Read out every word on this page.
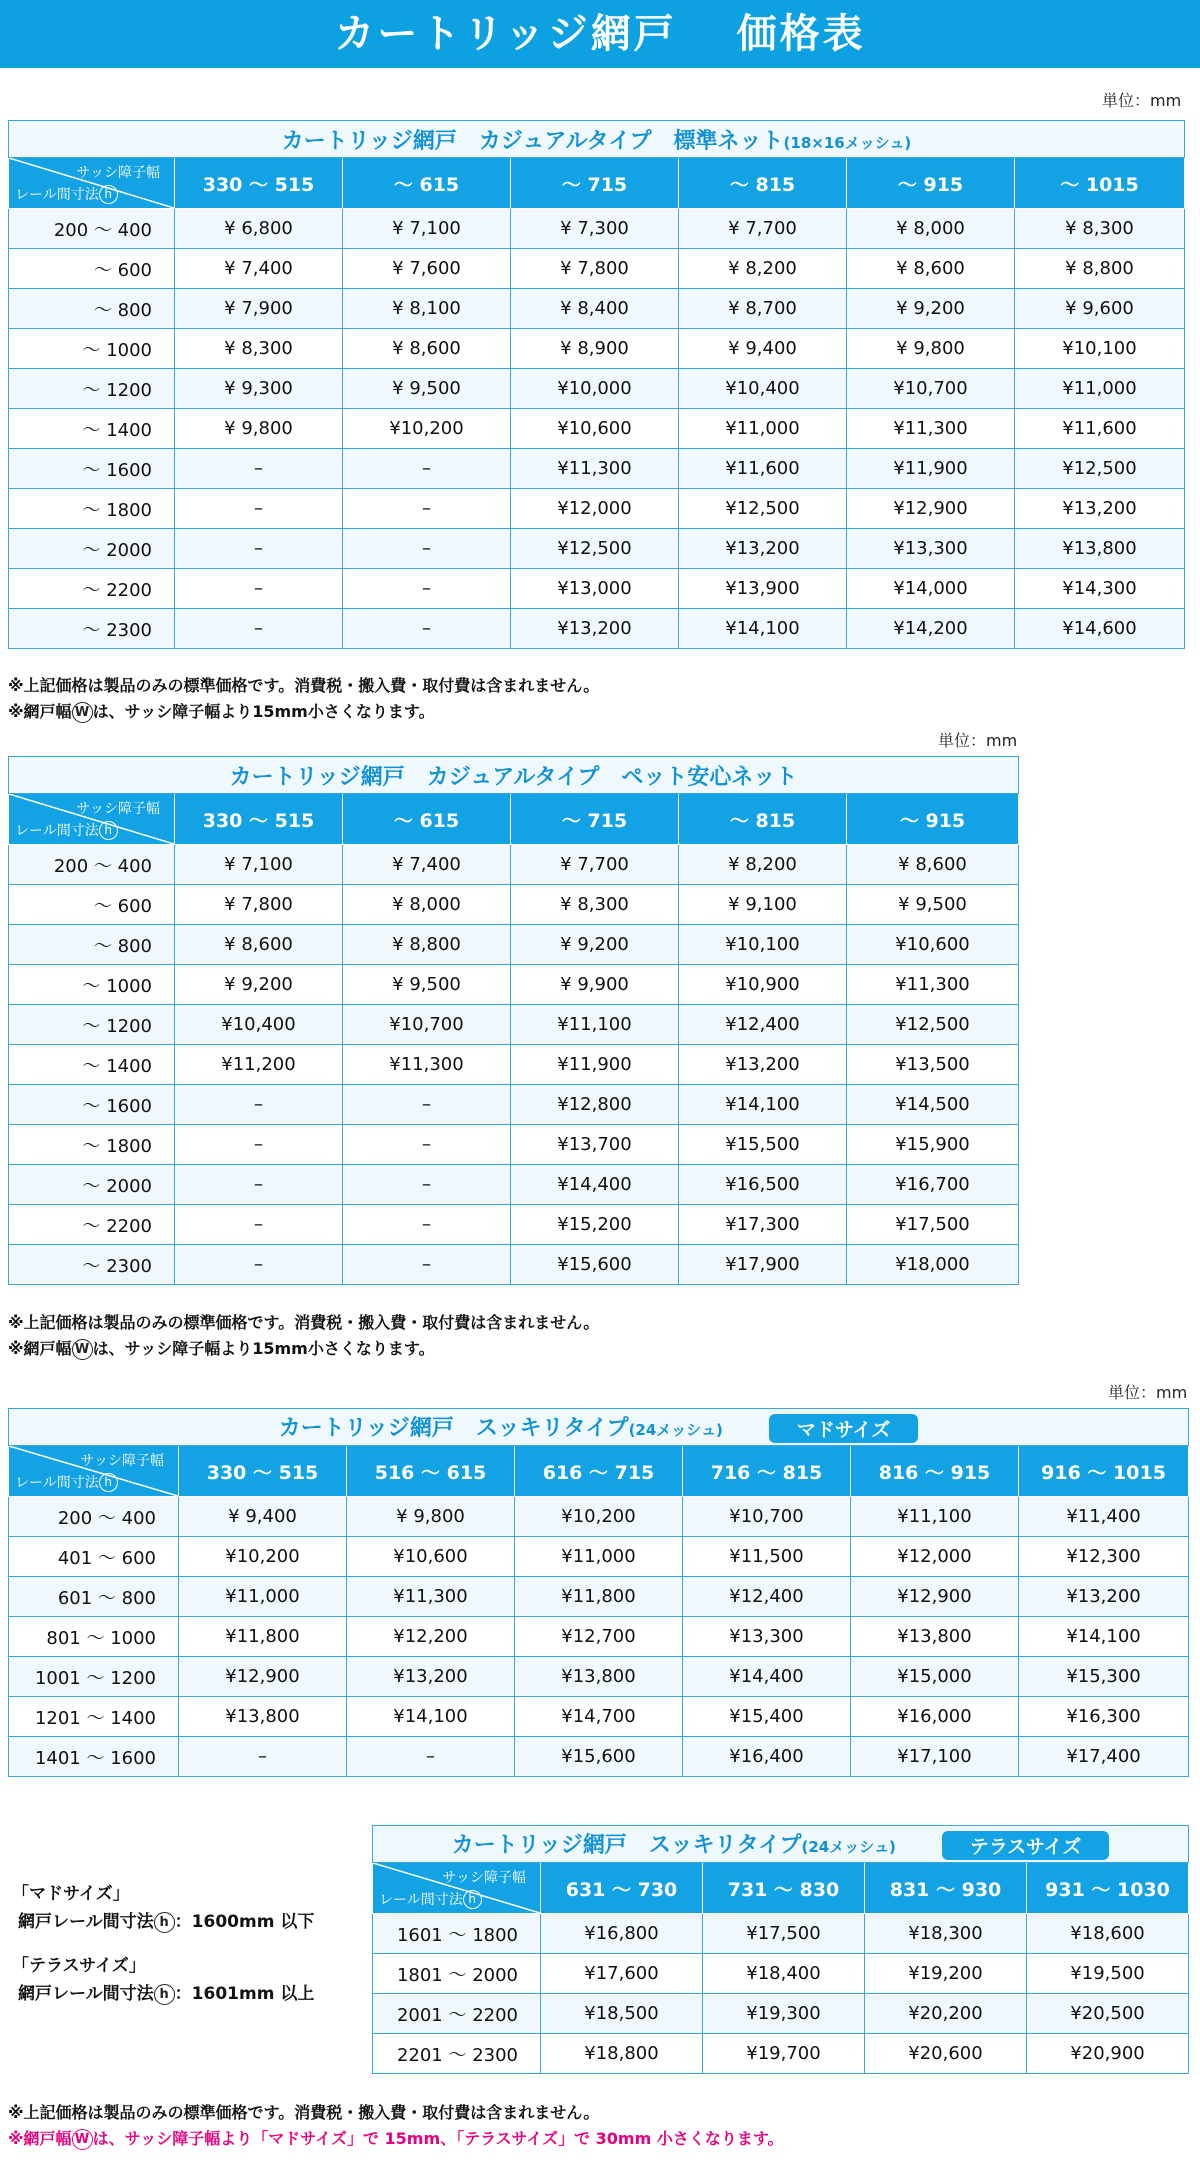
カートリッジ網戸　 価格表
単位：mm
カートリッジ網戸　カジュアルタイプ　標準ネット(18×16メッシュ)						

サッシ障子幅
レール間寸法 h	330 ～ 515	～ 615	～ 715	～ 815	～ 915	～ 1015
200 ～ 400	¥ 6,800	¥ 7,100	¥ 7,300	¥ 7,700	¥ 8,000	¥ 8,300
～ 600	¥ 7,400	¥ 7,600	¥ 7,800	¥ 8,200	¥ 8,600	¥ 8,800
～ 800	¥ 7,900	¥ 8,100	¥ 8,400	¥ 8,700	¥ 9,200	¥ 9,600
～ 1000	¥ 8,300	¥ 8,600	¥ 8,900	¥ 9,400	¥ 9,800	¥10,100
～ 1200	¥ 9,300	¥ 9,500	¥10,000	¥10,400	¥10,700	¥11,000
～ 1400	¥ 9,800	¥10,200	¥10,600	¥11,000	¥11,300	¥11,600
～ 1600	–	–	¥11,300	¥11,600	¥11,900	¥12,500
～ 1800	–	–	¥12,000	¥12,500	¥12,900	¥13,200
～ 2000	–	–	¥12,500	¥13,200	¥13,300	¥13,800
～ 2200	–	–	¥13,000	¥13,900	¥14,000	¥14,300
～ 2300	–	–	¥13,200	¥14,100	¥14,200	¥14,600
※上記価格は製品のみの標準価格です。消費税・搬入費・取付費は含まれません。
※網戸幅 W は、サッシ障子幅より15mm小さくなります。
単位：mm
カートリッジ網戸　カジュアルタイプ　ペット安心ネット					

サッシ障子幅
レール間寸法 h	330 ～ 515	～ 615	～ 715	～ 815	～ 915
200 ～ 400	¥ 7,100	¥ 7,400	¥ 7,700	¥ 8,200	¥ 8,600
～ 600	¥ 7,800	¥ 8,000	¥ 8,300	¥ 9,100	¥ 9,500
～ 800	¥ 8,600	¥ 8,800	¥ 9,200	¥10,100	¥10,600
～ 1000	¥ 9,200	¥ 9,500	¥ 9,900	¥10,900	¥11,300
～ 1200	¥10,400	¥10,700	¥11,100	¥12,400	¥12,500
～ 1400	¥11,200	¥11,300	¥11,900	¥13,200	¥13,500
～ 1600	–	–	¥12,800	¥14,100	¥14,500
～ 1800	–	–	¥13,700	¥15,500	¥15,900
～ 2000	–	–	¥14,400	¥16,500	¥16,700
～ 2200	–	–	¥15,200	¥17,300	¥17,500
～ 2300	–	–	¥15,600	¥17,900	¥18,000
※上記価格は製品のみの標準価格です。消費税・搬入費・取付費は含まれません。
※網戸幅 W は、サッシ障子幅より15mm小さくなります。
単位：mm
カートリッジ網戸　スッキリタイプ(24メッシュ) マドサイズ						

サッシ障子幅
レール間寸法 h	330 ～ 515	516 ～ 615	616 ～ 715	716 ～ 815	816 ～ 915	916 ～ 1015
200 ～ 400	¥ 9,400	¥ 9,800	¥10,200	¥10,700	¥11,100	¥11,400
401 ～ 600	¥10,200	¥10,600	¥11,000	¥11,500	¥12,000	¥12,300
601 ～ 800	¥11,000	¥11,300	¥11,800	¥12,400	¥12,900	¥13,200
801 ～ 1000	¥11,800	¥12,200	¥12,700	¥13,300	¥13,800	¥14,100
1001 ～ 1200	¥12,900	¥13,200	¥13,800	¥14,400	¥15,000	¥15,300
1201 ～ 1400	¥13,800	¥14,100	¥14,700	¥15,400	¥16,000	¥16,300
1401 ～ 1600	–	–	¥15,600	¥16,400	¥17,100	¥17,400
「マドサイズ」
網戸レール間寸法 h ：1600mm 以下
「テラスサイズ」
網戸レール間寸法 h ：1601mm 以上
カートリッジ網戸　スッキリタイプ(24メッシュ) テラスサイズ				

サッシ障子幅
レール間寸法 h	631 ～ 730	731 ～ 830	831 ～ 930	931 ～ 1030
1601 ～ 1800	¥16,800	¥17,500	¥18,300	¥18,600
1801 ～ 2000	¥17,600	¥18,400	¥19,200	¥19,500
2001 ～ 2200	¥18,500	¥19,300	¥20,200	¥20,500
2201 ～ 2300	¥18,800	¥19,700	¥20,600	¥20,900
※上記価格は製品のみの標準価格です。消費税・搬入費・取付費は含まれません。
※網戸幅 W は、サッシ障子幅より「マドサイズ」で 15mm、「テラスサイズ」で 30mm 小さくなります。
